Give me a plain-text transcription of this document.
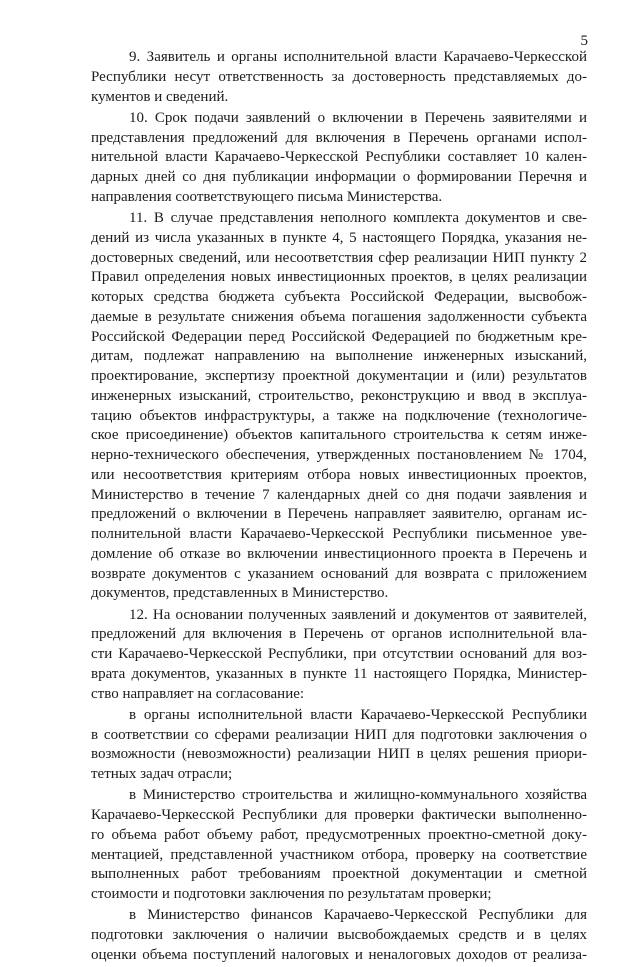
5
9. Заявитель и органы исполнительной власти Карачаево-Черкесской
Республики несут ответственность за достоверность представляемых до-
кументов и сведений.
10. Срок подачи заявлений о включении в Перечень заявителями и
представления предложений для включения в Перечень органами испол-
нительной власти Карачаево-Черкесской Республики составляет 10 кален-
дарных дней со дня публикации информации о формировании Перечня и
направления соответствующего письма Министерства.
11. В случае представления неполного комплекта документов и све-
дений из числа указанных в пункте 4, 5 настоящего Порядка, указания не-
достоверных сведений, или несоответствия сфер реализации НИП пункту 2
Правил определения новых инвестиционных проектов, в целях реализации
которых средства бюджета субъекта Российской Федерации, высвобож-
даемые в результате снижения объема погашения задолженности субъекта
Российской Федерации перед Российской Федерацией по бюджетным кре-
дитам, подлежат направлению на выполнение инженерных изысканий,
проектирование, экспертизу проектной документации и (или) результатов
инженерных изысканий, строительство, реконструкцию и ввод в эксплуа-
тацию объектов инфраструктуры, а также на подключение (технологиче-
ское присоединение) объектов капитального строительства к сетям инже-
нерно-технического обеспечения, утвержденных постановлением № 1704,
или несоответствия критериям отбора новых инвестиционных проектов,
Министерство в течение 7 календарных дней со дня подачи заявления и
предложений о включении в Перечень направляет заявителю, органам ис-
полнительной власти Карачаево-Черкесской Республики письменное уве-
домление об отказе во включении инвестиционного проекта в Перечень и
возврате документов с указанием оснований для возврата с приложением
документов, представленных в Министерство.
12. На основании полученных заявлений и документов от заявителей,
предложений для включения в Перечень от органов исполнительной вла-
сти Карачаево-Черкесской Республики, при отсутствии оснований для воз-
врата документов, указанных в пункте 11 настоящего Порядка, Министер-
ство направляет на согласование:
в органы исполнительной власти Карачаево-Черкесской Республики
в соответствии со сферами реализации НИП для подготовки заключения о
возможности (невозможности) реализации НИП в целях решения приори-
тетных задач отрасли;
в Министерство строительства и жилищно-коммунального хозяйства
Карачаево-Черкесской Республики для проверки фактически выполненно-
го объема работ объему работ, предусмотренных проектно-сметной доку-
ментацией, представленной участником отбора, проверку на соответствие
выполненных работ требованиям проектной документации и сметной
стоимости и подготовки заключения по результатам проверки;
в Министерство финансов Карачаево-Черкесской Республики для
подготовки заключения о наличии высвобождаемых средств и в целях
оценки объема поступлений налоговых и неналоговых доходов от реализа-
